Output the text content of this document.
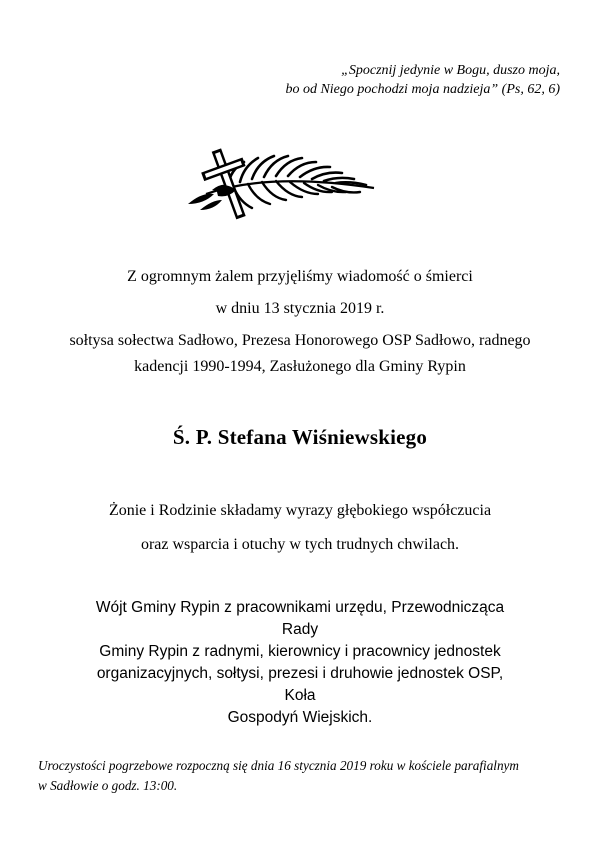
„Spocznij jedynie w Bogu, duszo moja,
bo od Niego pochodzi moja nadzieja” (Ps, 62, 6)
Z ogromnym żalem przyjęliśmy wiadomość o śmierci
w dniu 13 stycznia 2019 r.
sołtysa sołectwa Sadłowo, Prezesa Honorowego OSP Sadłowo, radnego
kadencji 1990-1994, Zasłużonego dla Gminy Rypin
Ś. P. Stefana Wiśniewskiego
Żonie i Rodzinie składamy wyrazy głębokiego współczucia
oraz wsparcia i otuchy w tych trudnych chwilach.
Wójt Gminy Rypin z pracownikami urzędu, Przewodnicząca Rady
Gminy Rypin z radnymi, kierownicy i pracownicy jednostek
organizacyjnych, sołtysi, prezesi i druhowie jednostek OSP, Koła
Gospodyń Wiejskich.
Uroczystości pogrzebowe rozpoczną się dnia 16 stycznia 2019 roku w kościele parafialnym
w Sadłowie o godz. 13:00.
